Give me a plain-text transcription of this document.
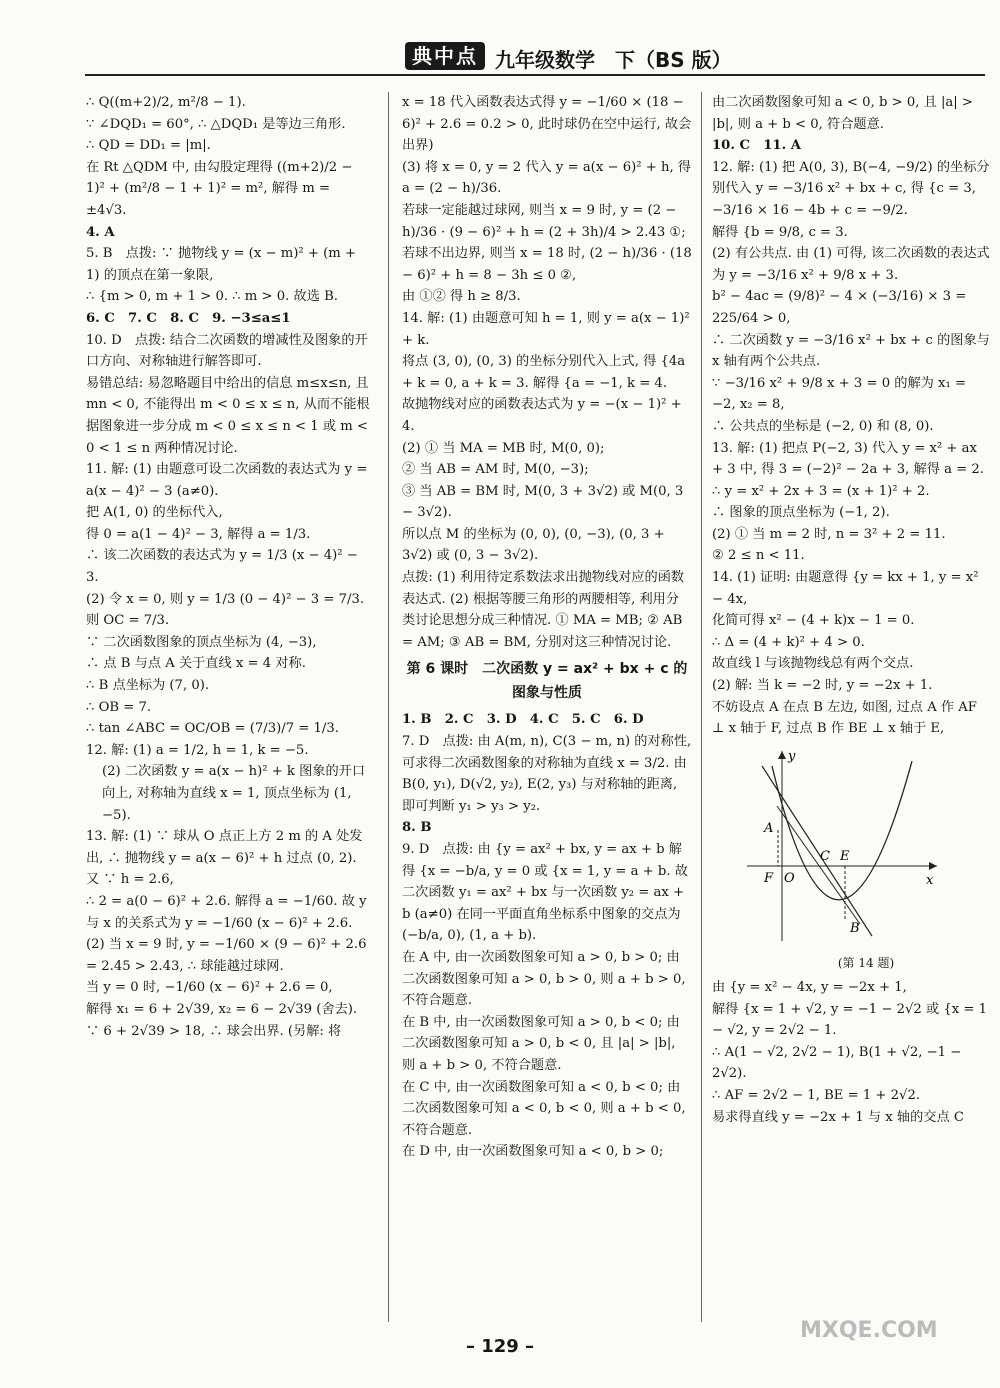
典中点 九年级数学　下（BS 版）

∴ Q((m+2)/2, m²/8 − 1).

∵ ∠DQD₁ = 60°, ∴ △DQD₁ 是等边三角形.

∴ QD = DD₁ = |m|.

在 Rt △QDM 中, 由勾股定理得 ((m+2)/2 − 1)² + (m²/8 − 1 + 1)² = m², 解得 m = ±4√3.

4. A

5. B　点拨: ∵ 抛物线 y = (x − m)² + (m + 1) 的顶点在第一象限,

∴ {m > 0, m + 1 > 0. ∴ m > 0. 故选 B.

6. C　7. C　8. C　9. −3≤a≤1

10. D　点拨: 结合二次函数的增减性及图象的开口方向、对称轴进行解答即可.

易错总结: 易忽略题目中给出的信息 m≤x≤n, 且 mn < 0, 不能得出 m < 0 ≤ x ≤ n, 从而不能根据图象进一步分成 m < 0 ≤ x ≤ n < 1 或 m < 0 < 1 ≤ n 两种情况讨论.

11. 解: (1) 由题意可设二次函数的表达式为 y = a(x − 4)² − 3 (a≠0).

把 A(1, 0) 的坐标代入,

得 0 = a(1 − 4)² − 3, 解得 a = 1/3.

∴ 该二次函数的表达式为 y = 1/3 (x − 4)² − 3.

(2) 令 x = 0, 则 y = 1/3 (0 − 4)² − 3 = 7/3.

则 OC = 7/3.

∵ 二次函数图象的顶点坐标为 (4, −3),

∴ 点 B 与点 A 关于直线 x = 4 对称.

∴ B 点坐标为 (7, 0).

∴ OB = 7.

∴ tan ∠ABC = OC/OB = (7/3)/7 = 1/3.

12. 解: (1) a = 1/2, h = 1, k = −5.

(2) 二次函数 y = a(x − h)² + k 图象的开口向上, 对称轴为直线 x = 1, 顶点坐标为 (1, −5).

13. 解: (1) ∵ 球从 O 点正上方 2 m 的 A 处发出, ∴ 抛物线 y = a(x − 6)² + h 过点 (0, 2).

又 ∵ h = 2.6,

∴ 2 = a(0 − 6)² + 2.6. 解得 a = −1/60. 故 y 与 x 的关系式为 y = −1/60 (x − 6)² + 2.6.

(2) 当 x = 9 时, y = −1/60 × (9 − 6)² + 2.6 = 2.45 > 2.43, ∴ 球能越过球网.

当 y = 0 时, −1/60 (x − 6)² + 2.6 = 0,

解得 x₁ = 6 + 2√39, x₂ = 6 − 2√39 (舍去).

∵ 6 + 2√39 > 18, ∴ 球会出界. (另解: 将

x = 18 代入函数表达式得 y = −1/60 × (18 − 6)² + 2.6 = 0.2 > 0, 此时球仍在空中运行, 故会出界)

(3) 将 x = 0, y = 2 代入 y = a(x − 6)² + h, 得 a = (2 − h)/36.

若球一定能越过球网, 则当 x = 9 时, y = (2 − h)/36 · (9 − 6)² + h = (2 + 3h)/4 > 2.43 ①;

若球不出边界, 则当 x = 18 时, (2 − h)/36 · (18 − 6)² + h = 8 − 3h ≤ 0 ②,

由 ①② 得 h ≥ 8/3.

14. 解: (1) 由题意可知 h = 1, 则 y = a(x − 1)² + k.

将点 (3, 0), (0, 3) 的坐标分别代入上式, 得 {4a + k = 0, a + k = 3. 解得 {a = −1, k = 4.

故抛物线对应的函数表达式为 y = −(x − 1)² + 4.

(2) ① 当 MA = MB 时, M(0, 0);

② 当 AB = AM 时, M(0, −3);

③ 当 AB = BM 时, M(0, 3 + 3√2) 或 M(0, 3 − 3√2).

所以点 M 的坐标为 (0, 0), (0, −3), (0, 3 + 3√2) 或 (0, 3 − 3√2).

点拨: (1) 利用待定系数法求出抛物线对应的函数表达式. (2) 根据等腰三角形的两腰相等, 利用分类讨论思想分成三种情况. ① MA = MB; ② AB = AM; ③ AB = BM, 分别对这三种情况讨论.

第 6 课时　二次函数 y = ax² + bx + c 的图象与性质

1. B　2. C　3. D　4. C　5. C　6. D

7. D　点拨: 由 A(m, n), C(3 − m, n) 的对称性, 可求得二次函数图象的对称轴为直线 x = 3/2. 由 B(0, y₁), D(√2, y₂), E(2, y₃) 与对称轴的距离, 即可判断 y₁ > y₃ > y₂.

8. B

9. D　点拨: 由 {y = ax² + bx, y = ax + b 解得 {x = −b/a, y = 0 或 {x = 1, y = a + b. 故二次函数 y₁ = ax² + bx 与一次函数 y₂ = ax + b (a≠0) 在同一平面直角坐标系中图象的交点为 (−b/a, 0), (1, a + b).

在 A 中, 由一次函数图象可知 a > 0, b > 0; 由二次函数图象可知 a > 0, b > 0, 则 a + b > 0, 不符合题意.

在 B 中, 由一次函数图象可知 a > 0, b < 0; 由二次函数图象可知 a > 0, b < 0, 且 |a| > |b|, 则 a + b > 0, 不符合题意.

在 C 中, 由一次函数图象可知 a < 0, b < 0; 由二次函数图象可知 a < 0, b < 0, 则 a + b < 0, 不符合题意.

在 D 中, 由一次函数图象可知 a < 0, b > 0;

由二次函数图象可知 a < 0, b > 0, 且 |a| > |b|, 则 a + b < 0, 符合题意.

10. C　11. A

12. 解: (1) 把 A(0, 3), B(−4, −9/2) 的坐标分别代入 y = −3/16 x² + bx + c, 得 {c = 3, −3/16 × 16 − 4b + c = −9/2.

解得 {b = 9/8, c = 3.

(2) 有公共点. 由 (1) 可得, 该二次函数的表达式为 y = −3/16 x² + 9/8 x + 3.

b² − 4ac = (9/8)² − 4 × (−3/16) × 3 = 225/64 > 0,

∴ 二次函数 y = −3/16 x² + bx + c 的图象与 x 轴有两个公共点.

∵ −3/16 x² + 9/8 x + 3 = 0 的解为 x₁ = −2, x₂ = 8,

∴ 公共点的坐标是 (−2, 0) 和 (8, 0).

13. 解: (1) 把点 P(−2, 3) 代入 y = x² + ax + 3 中, 得 3 = (−2)² − 2a + 3, 解得 a = 2.

∴ y = x² + 2x + 3 = (x + 1)² + 2.

∴ 图象的顶点坐标为 (−1, 2).

(2) ① 当 m = 2 时, n = 3² + 2 = 11.

② 2 ≤ n < 11.

14. (1) 证明: 由题意得 {y = kx + 1, y = x² − 4x,

化简可得 x² − (4 + k)x − 1 = 0.

∴ Δ = (4 + k)² + 4 > 0.

故直线 l 与该抛物线总有两个交点.

(2) 解: 当 k = −2 时, y = −2x + 1.

不妨设点 A 在点 B 左边, 如图, 过点 A 作 AF ⊥ x 轴于 F, 过点 B 作 BE ⊥ x 轴于 E,

y
x
A
C E
F O
B
(第 14 题)

由 {y = x² − 4x, y = −2x + 1,

解得 {x = 1 + √2, y = −1 − 2√2 或 {x = 1 − √2, y = 2√2 − 1.

∴ A(1 − √2, 2√2 − 1), B(1 + √2, −1 − 2√2).

∴ AF = 2√2 − 1, BE = 1 + 2√2.

易求得直线 y = −2x + 1 与 x 轴的交点 C

– 129 –
MXQE.COM
